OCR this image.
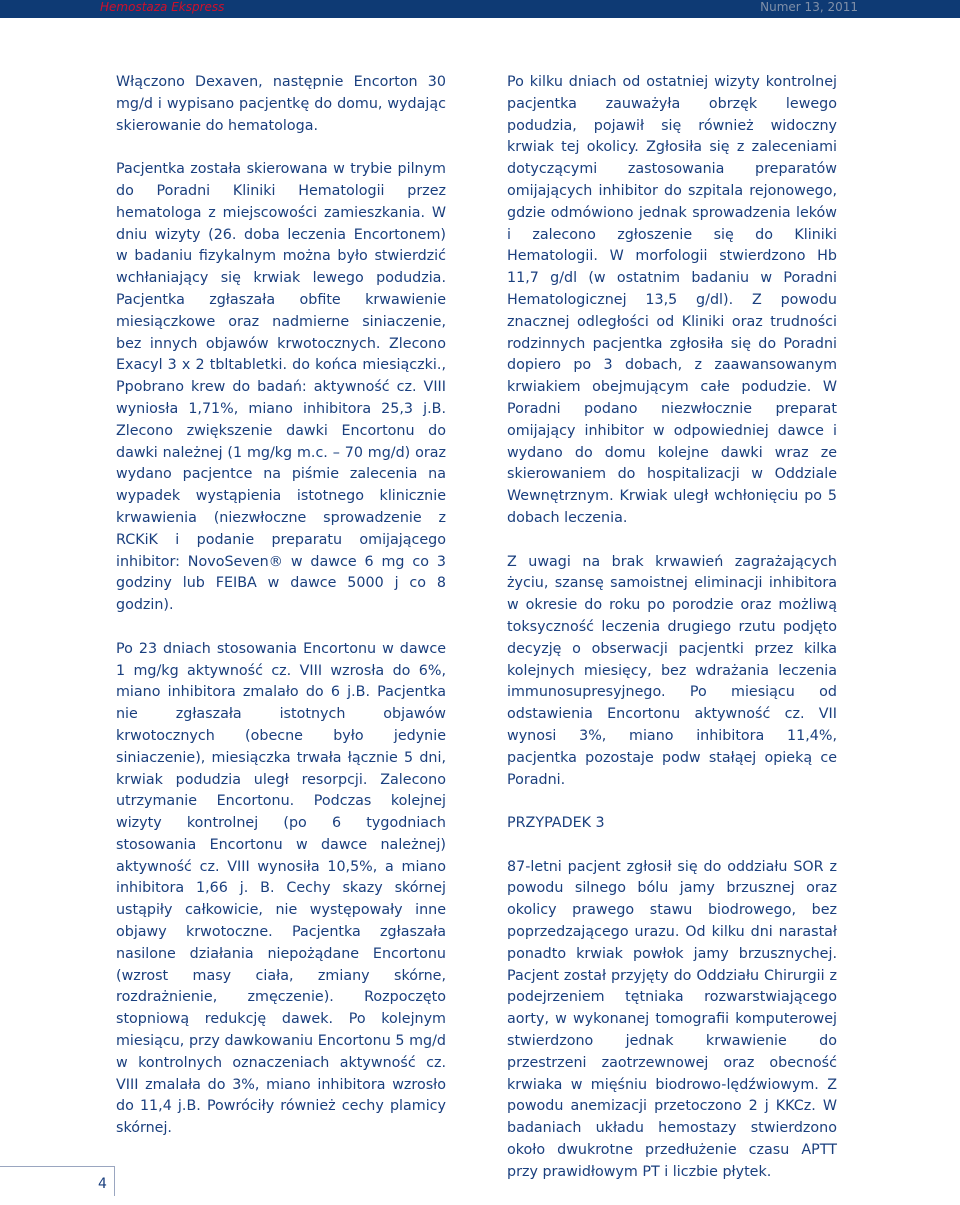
Hemostaza Ekspress	Numer 13, 2011

Włączono Dexaven, następnie Encorton 30 mg/d i wypisano pacjentkę do domu, wydając skierowanie do hematologa.

Pacjentka została skierowana w trybie pilnym do Poradni Kliniki Hematologii przez hematologa z miejscowości zamieszkania. W dniu wizyty (26. doba leczenia Encortonem) w badaniu fizykalnym można było stwierdzić wchłaniający się krwiak lewego podudzia. Pacjentka zgłaszała obfite krwawienie miesiączkowe oraz nadmierne siniaczenie, bez innych objawów krwotocznych. Zlecono Exacyl 3 x 2 tbltabletki. do końca miesiączki., Ppobrano krew do badań: aktywność cz. VIII wyniosła 1,71%, miano inhibitora 25,3 j.B. Zlecono zwiększenie dawki Encortonu do dawki należnej (1 mg/kg m.c. – 70 mg/d) oraz wydano pacjentce na piśmie zalecenia na wypadek wystąpienia istotnego klinicznie krwawienia (niezwłoczne sprowadzenie z RCKiK i podanie preparatu omijającego inhibitor: NovoSeven® w dawce 6 mg co 3 godziny lub FEIBA w dawce 5000 j co 8 godzin).

Po 23 dniach stosowania Encortonu w dawce 1 mg/kg aktywność cz. VIII wzrosła do 6%, miano inhibitora zmalało do 6 j.B. Pacjentka nie zgłaszała istotnych objawów krwotocznych (obecne było jedynie siniaczenie), miesiączka trwała łącznie 5 dni, krwiak podudzia uległ resorpcji. Zalecono utrzymanie Encortonu. Podczas kolejnej wizyty kontrolnej (po 6 tygodniach stosowania Encortonu w dawce należnej) aktywność cz. VIII wynosiła 10,5%, a miano inhibitora 1,66 j. B. Cechy skazy skórnej ustąpiły całkowicie, nie występowały inne objawy krwotoczne. Pacjentka zgłaszała nasilone działania niepożądane Encortonu (wzrost masy ciała, zmiany skórne, rozdrażnienie, zmęczenie). Rozpoczęto stopniową redukcję dawek. Po kolejnym miesiącu, przy dawkowaniu Encortonu 5 mg/d w kontrolnych oznaczeniach aktywność cz. VIII zmalała do 3%, miano inhibitora wzrosło do 11,4 j.B. Powróciły również cechy plamicy skórnej.

Po kilku dniach od ostatniej wizyty kontrolnej pacjentka zauważyła obrzęk lewego podudzia, pojawił się również widoczny krwiak tej okolicy. Zgłosiła się z zaleceniami dotyczącymi zastosowania preparatów omijających inhibitor do szpitala rejonowego, gdzie odmówiono jednak sprowadzenia leków i zalecono zgłoszenie się do Kliniki Hematologii. W morfologii stwierdzono Hb 11,7 g/dl (w ostatnim badaniu w Poradni Hematologicznej 13,5 g/dl). Z powodu znacznej odległości od Kliniki oraz trudności rodzinnych pacjentka zgłosiła się do Poradni dopiero po 3 dobach, z zaawansowanym krwiakiem obejmującym całe podudzie. W Poradni podano niezwłocznie preparat omijający inhibitor w odpowiedniej dawce i wydano do domu kolejne dawki wraz ze skierowaniem do hospitalizacji w Oddziale Wewnętrznym. Krwiak uległ wchłonięciu po 5 dobach leczenia.

Z uwagi na brak krwawień zagrażających życiu, szansę samoistnej eliminacji inhibitora w okresie do roku po porodzie oraz możliwą toksyczność leczenia drugiego rzutu podjęto decyzję o obserwacji pacjentki przez kilka kolejnych miesięcy, bez wdrażania leczenia immunosupresyjnego. Po miesiącu od odstawienia Encortonu aktywność cz. VII wynosi 3%, miano inhibitora 11,4%, pacjentka pozostaje podw stałąej opieką ce Poradni.

PRZYPADEK 3

87-letni pacjent zgłosił się do oddziału SOR z powodu silnego bólu jamy brzusznej oraz okolicy prawego stawu biodrowego, bez poprzedzającego urazu. Od kilku dni narastał ponadto krwiak powłok jamy brzusznychej. Pacjent został przyjęty do Oddziału Chirurgii z podejrzeniem tętniaka rozwarstwiającego aorty, w wykonanej tomografii komputerowej stwierdzono jednak krwawienie do przestrzeni zaotrzewnowej oraz obecność krwiaka w mięśniu biodrowo-lędźwiowym. Z powodu anemizacji przetoczono 2 j KKCz. W badaniach układu hemostazy stwierdzono około dwukrotne przedłużenie czasu APTT przy prawidłowym PT i liczbie płytek.

4
